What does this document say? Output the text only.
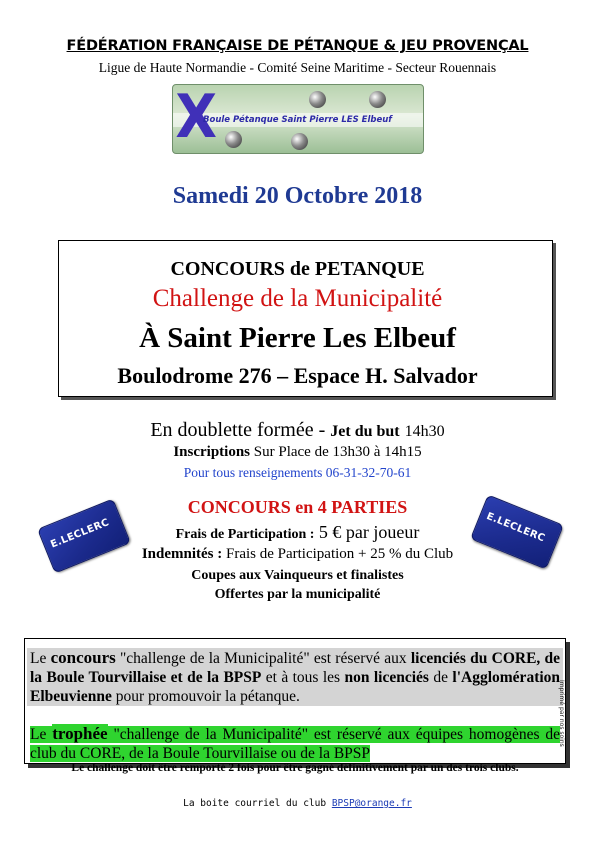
FÉDÉRATION FRANÇAISE DE PÉTANQUE & JEU PROVENÇAL
Ligue de Haute Normandie - Comité Seine Maritime - Secteur Rouennais
X
Boule Pétanque Saint Pierre LES Elbeuf
Samedi 20 Octobre 2018
CONCOURS de PETANQUE
Challenge de la Municipalité
À Saint Pierre Les Elbeuf
Boulodrome 276 – Espace H. Salvador
En doublette formée - Jet du but 14h30
Inscriptions Sur Place de 13h30 à 14h15
Pour tous renseignements 06-31-32-70-61
CONCOURS en 4 PARTIES
Frais de Participation : 5 € par joueur
Indemnités : Frais de Participation + 25 % du Club
Coupes aux Vainqueurs et finalistes
Offertes par la municipalité
E.LECLERC	E.LECLERC
Le concours "challenge de la Municipalité" est réservé aux licenciés du CORE, de la Boule Tourvillaise et de la BPSP et à tous les non licenciés de l'Agglomération Elbeuvienne pour promouvoir la pétanque.
Le trophée "challenge de la Municipalité" est réservé aux équipes homogènes de club du CORE, de la Boule Tourvillaise ou de la BPSP
Le challenge doit être remporté 2 fois pour être gagné définitivement par un des trois clubs.
Imprimé par nos soins
La boite courriel du club BPSP@orange.fr
